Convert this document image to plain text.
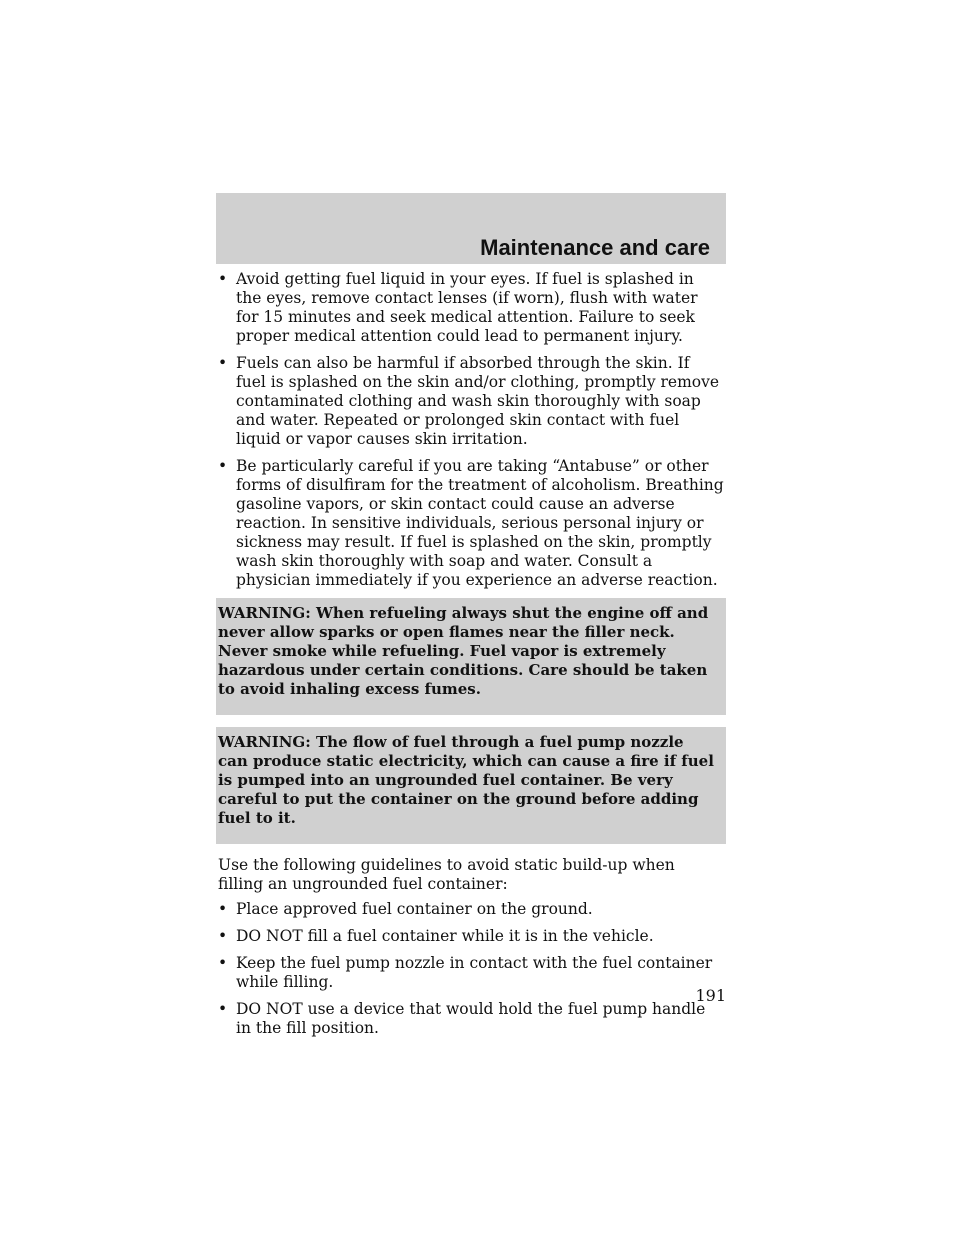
Maintenance and care
• Avoid getting fuel liquid in your eyes. If fuel is splashed in the eyes, remove contact lenses (if worn), flush with water for 15 minutes and seek medical attention. Failure to seek proper medical attention could lead to permanent injury.
• Fuels can also be harmful if absorbed through the skin. If fuel is splashed on the skin and/or clothing, promptly remove contaminated clothing and wash skin thoroughly with soap and water. Repeated or prolonged skin contact with fuel liquid or vapor causes skin irritation.
• Be particularly careful if you are taking “Antabuse” or other forms of disulfiram for the treatment of alcoholism. Breathing gasoline vapors, or skin contact could cause an adverse reaction. In sensitive individuals, serious personal injury or sickness may result. If fuel is splashed on the skin, promptly wash skin thoroughly with soap and water. Consult a physician immediately if you experience an adverse reaction.
WARNING: When refueling always shut the engine off and never allow sparks or open flames near the filler neck. Never smoke while refueling. Fuel vapor is extremely hazardous under certain conditions. Care should be taken to avoid inhaling excess fumes.
WARNING: The flow of fuel through a fuel pump nozzle can produce static electricity, which can cause a fire if fuel is pumped into an ungrounded fuel container. Be very careful to put the container on the ground before adding fuel to it.
Use the following guidelines to avoid static build-up when filling an ungrounded fuel container:
• Place approved fuel container on the ground.
• DO NOT fill a fuel container while it is in the vehicle.
• Keep the fuel pump nozzle in contact with the fuel container while filling.
• DO NOT use a device that would hold the fuel pump handle in the fill position.
191
